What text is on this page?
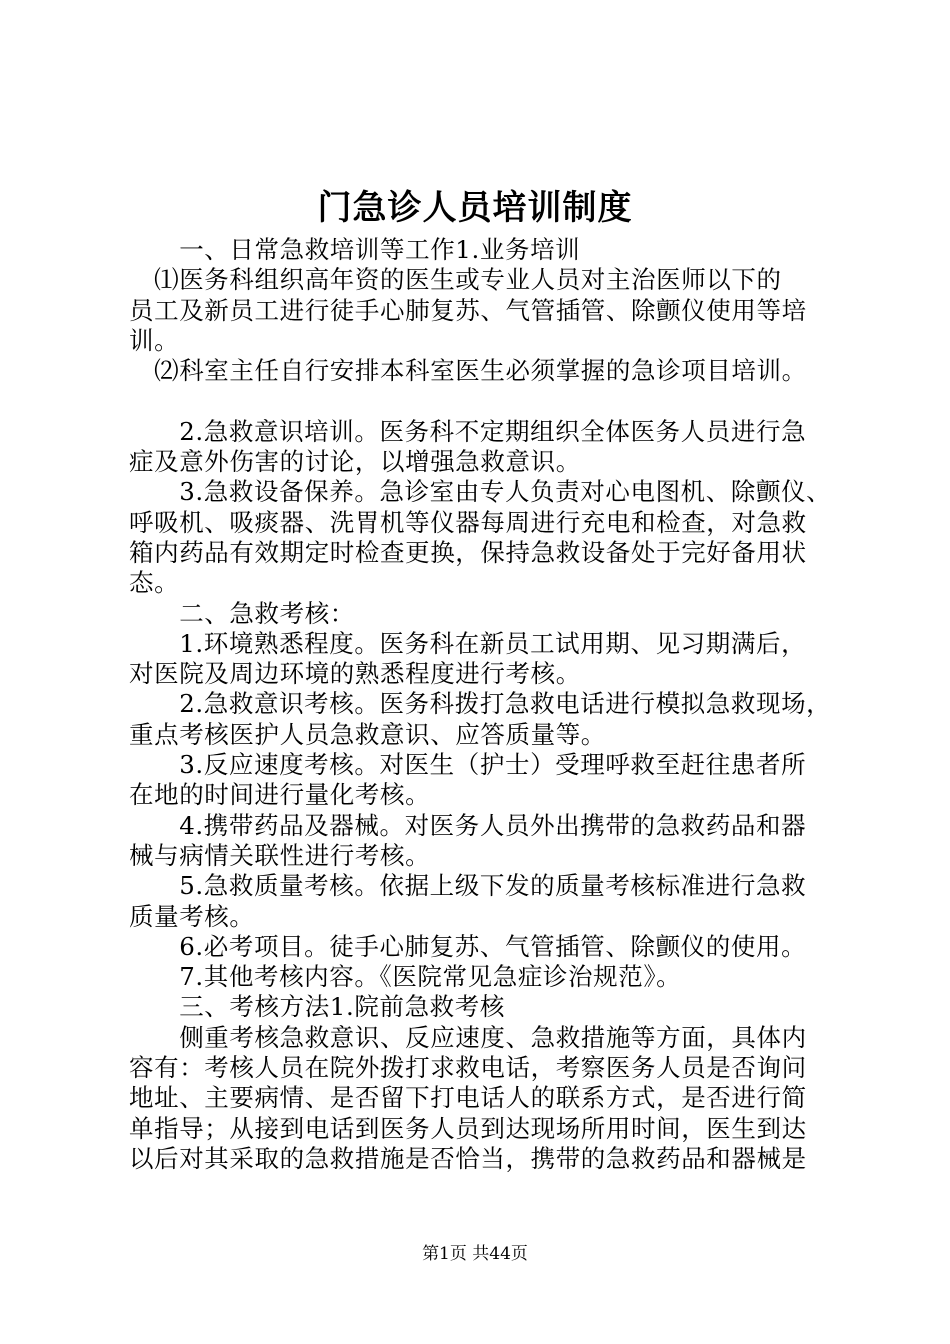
门急诊人员培训制度
　　一、日常急救培训等工作1.业务培训
　⑴医务科组织高年资的医生或专业人员对主治医师以下的
员工及新员工进行徒手心肺复苏、气管插管、除颤仪使用等培
训。
　⑵科室主任自行安排本科室医生必须掌握的急诊项目培训。
　　2.急救意识培训。医务科不定期组织全体医务人员进行急
症及意外伤害的讨论，以增强急救意识。
　　3.急救设备保养。急诊室由专人负责对心电图机、除颤仪、
呼吸机、吸痰器、洗胃机等仪器每周进行充电和检查，对急救
箱内药品有效期定时检查更换，保持急救设备处于完好备用状
态。
　　二、急救考核：
　　1.环境熟悉程度。医务科在新员工试用期、见习期满后，
对医院及周边环境的熟悉程度进行考核。
　　2.急救意识考核。医务科拨打急救电话进行模拟急救现场，
重点考核医护人员急救意识、应答质量等。
　　3.反应速度考核。对医生（护士）受理呼救至赶往患者所
在地的时间进行量化考核。
　　4.携带药品及器械。对医务人员外出携带的急救药品和器
械与病情关联性进行考核。
　　5.急救质量考核。依据上级下发的质量考核标准进行急救
质量考核。
　　6.必考项目。徒手心肺复苏、气管插管、除颤仪的使用。
　　7.其他考核内容。《医院常见急症诊治规范》。
　　三、考核方法1.院前急救考核
　　侧重考核急救意识、反应速度、急救措施等方面，具体内
容有：考核人员在院外拨打求救电话，考察医务人员是否询问
地址、主要病情、是否留下打电话人的联系方式，是否进行简
单指导；从接到电话到医务人员到达现场所用时间，医生到达
以后对其采取的急救措施是否恰当，携带的急救药品和器械是
第1页 共44页
